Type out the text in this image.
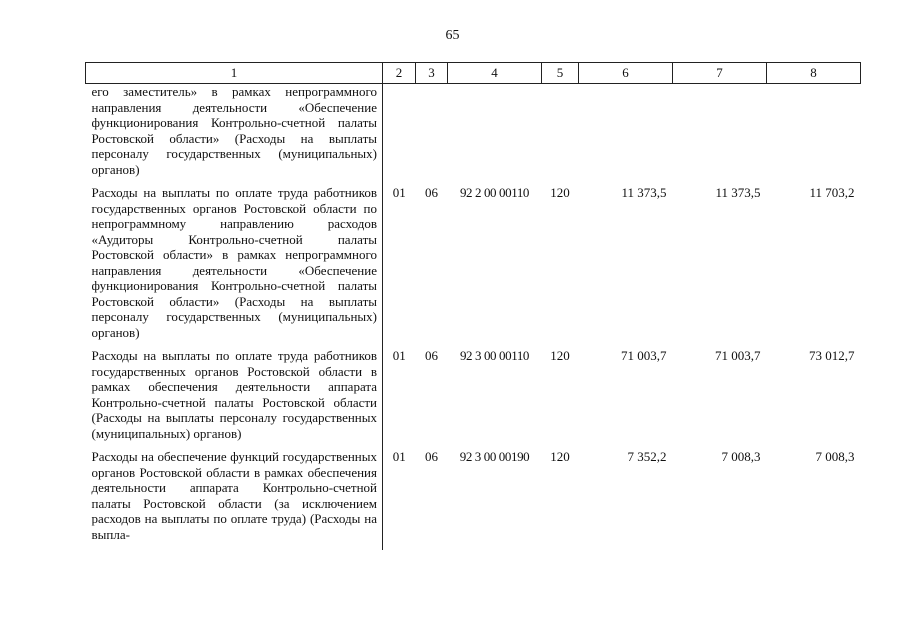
65
1	2	3	4	5	6	7	8
его заместитель» в рамках непрограммного направления деятельности «Обеспечение функционирования Контрольно-счетной палаты Ростовской области» (Расходы на выплаты персоналу государственных (муниципальных) органов)							
Расходы на выплаты по оплате труда работников государственных органов Ростовской области по непрограммному направлению расходов «Аудиторы Контрольно-счетной палаты Ростовской области» в рамках непрограммного направления деятельности «Обеспечение функционирования Контрольно-счетной палаты Ростовской области» (Расходы на выплаты персоналу государственных (муниципальных) органов)	01	06	92 2 00 00110	120	11 373,5	11 373,5	11 703,2
Расходы на выплаты по оплате труда работников государственных органов Ростовской области в рамках обеспечения деятельности аппарата Контрольно-счетной палаты Ростовской области (Расходы на выплаты персоналу государственных (муниципальных) органов)	01	06	92 3 00 00110	120	71 003,7	71 003,7	73 012,7
Расходы на обеспечение функций государственных органов Ростовской области в рамках обеспечения деятельности аппарата Контрольно-счетной палаты Ростовской области (за исключением расходов на выплаты по оплате труда) (Расходы на выпла-	01	06	92 3 00 00190	120	7 352,2	7 008,3	7 008,3
